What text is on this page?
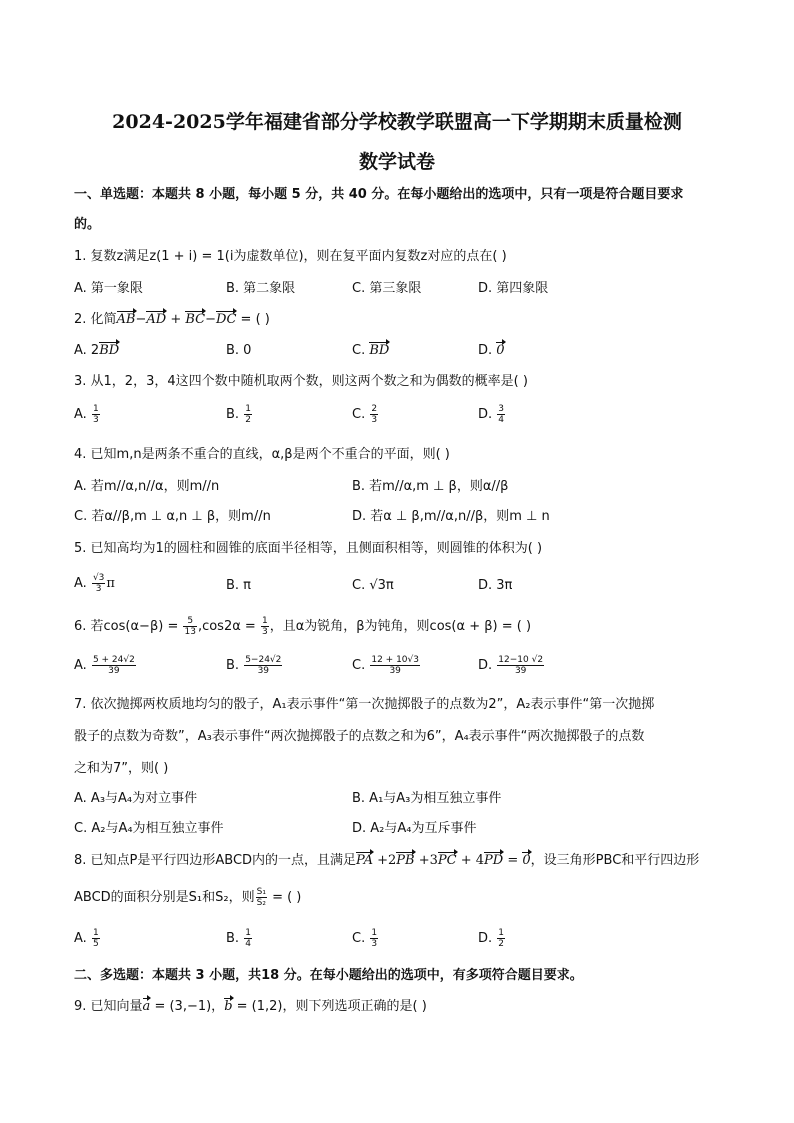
2024-2025学年福建省部分学校教学联盟高一下学期期末质量检测
数学试卷
一、单选题：本题共 8 小题，每小题 5 分，共 40 分。在每小题给出的选项中，只有一项是符合题目要求
的。
1. 复数z满足z(1 + i) = 1(i为虚数单位)，则在复平面内复数z对应的点在( )
A. 第一象限	B. 第二象限	C. 第三象限	D. 第四象限
2. 化简AB−AD + BC−DC = ( )
A. 2BD	B. 0	C. BD	D. 0
3. 从1，2，3，4这四个数中随机取两个数，则这两个数之和为偶数的概率是( )
A. $\frac{1}{3}$	B. $\frac{1}{2}$	C. $\frac{2}{3}$	D. $\frac{3}{4}$
4. 已知m,n是两条不重合的直线，α,β是两个不重合的平面，则( )
A. 若m//α,n//α，则m//n	B. 若m//α,m ⊥ β，则α//β
C. 若α//β,m ⊥ α,n ⊥ β，则m//n	D. 若α ⊥ β,m//α,n//β，则m ⊥ n
5. 已知高均为1的圆柱和圆锥的底面半径相等，且侧面积相等，则圆锥的体积为( )
A. $\frac{√3}{3}$ π	B. π	C. √3π	D. 3π
6. 若$\cos(\alpha-\beta) = \frac{5}{13} ,\cos 2\alpha = \frac{1}{3}$ ，且α为锐角，β为钝角，则cos(α + β) = ( )
A. $\frac{5 + 24√2}{39}$	B. $\frac{5-24√2}{39}$	C. $\frac{12 + 10√3}{39}$	D. $\frac{12-10 √2}{39}$
7. 依次抛掷两枚质地均匀的骰子，A₁表示事件“第一次抛掷骰子的点数为2”，A₂表示事件“第一次抛掷
骰子的点数为奇数”，A₃表示事件“两次抛掷骰子的点数之和为6”，A₄表示事件“两次抛掷骰子的点数
之和为7”，则( )
A. A₃与A₄为对立事件	B. A₁与A₃为相互独立事件
C. A₂与A₄为相互独立事件	D. A₂与A₄为互斥事件
8. 已知点P是平行四边形ABCD内的一点，且满足PA +2PB +3PC + 4PD = 0，设三角形PBC和平行四边形
ABCD的面积分别是S₁和S₂，则 $\frac{\text{S₁}}{\text{S₂}}$ = ( )
A. $\frac{1}{5}$	B. $\frac{1}{4}$	C. $\frac{1}{3}$	D. $\frac{1}{2}$
二、多选题：本题共 3 小题，共18 分。在每小题给出的选项中，有多项符合题目要求。
9. 已知向量a = (3,−1)，b = (1,2)，则下列选项正确的是( )
